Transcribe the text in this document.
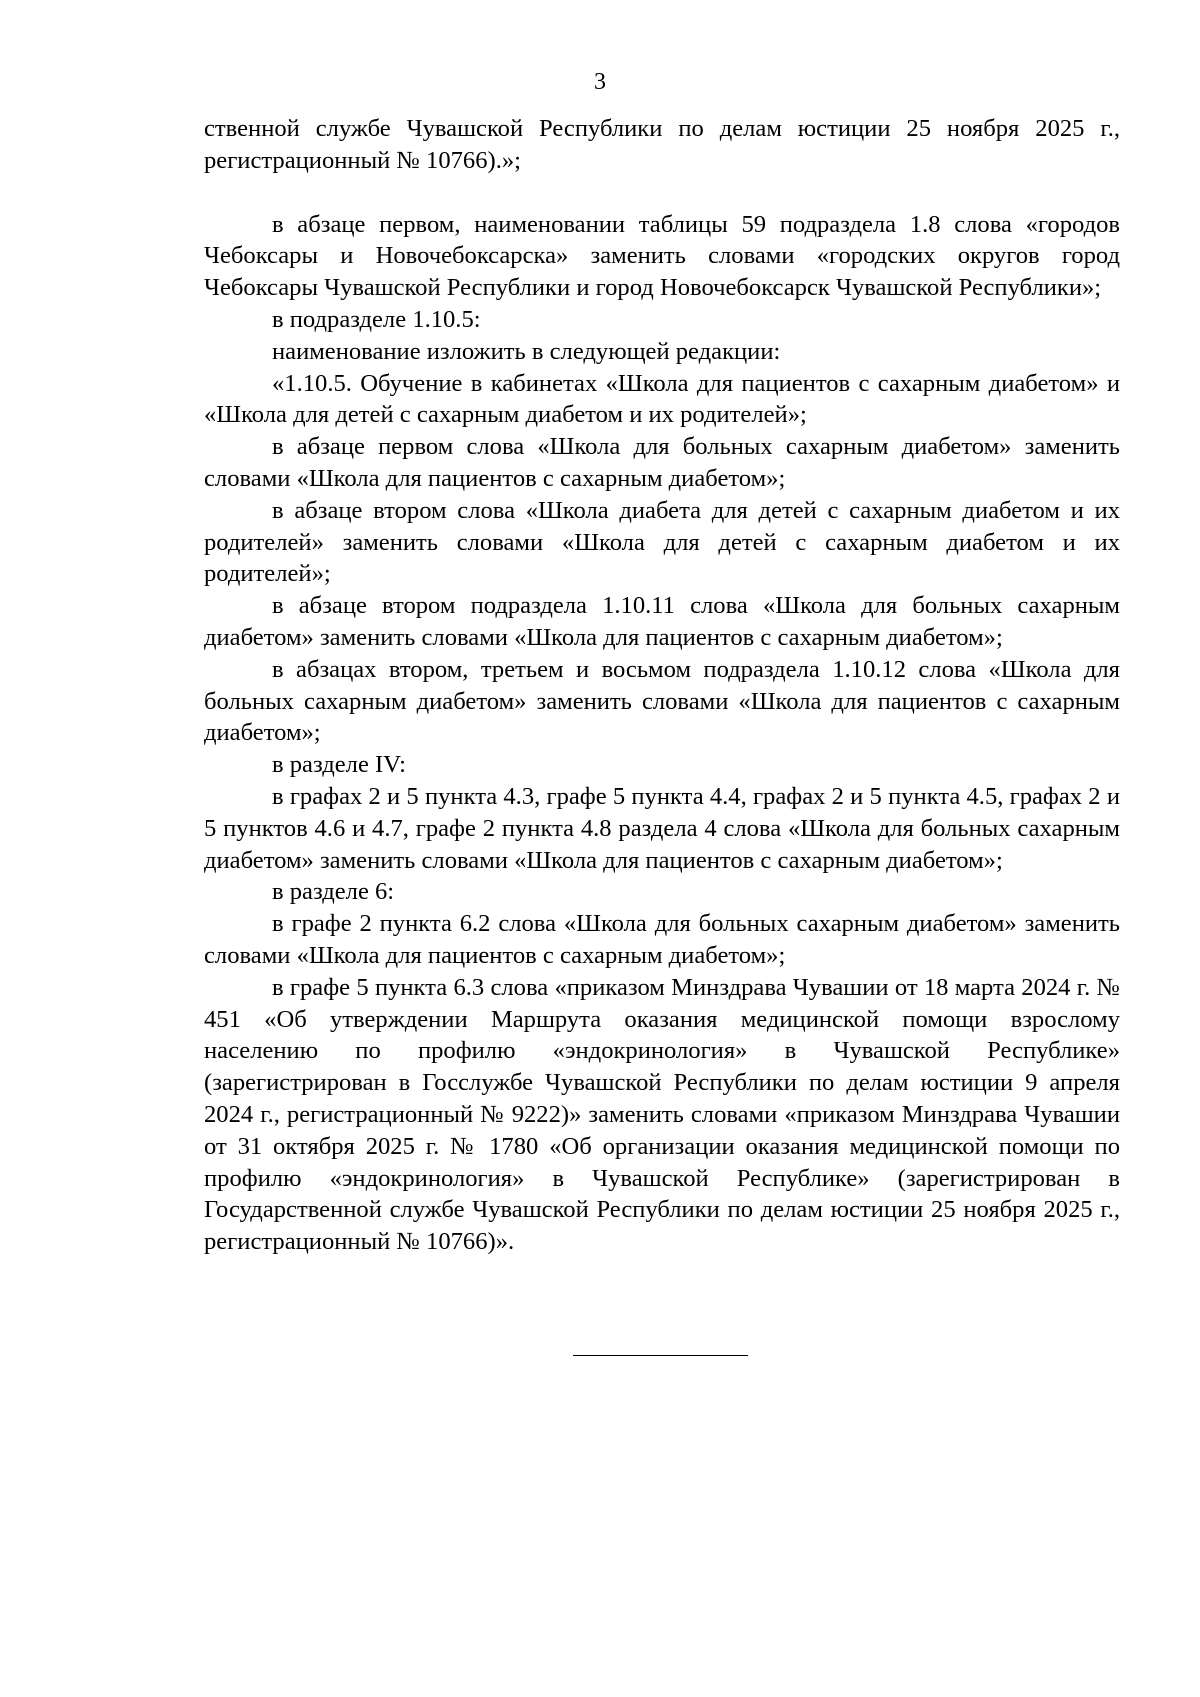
3

ственной службе Чувашской Республики по делам юстиции 25 ноября 2025 г., регистрационный № 10766).»;

в абзаце первом, наименовании таблицы 59 подраздела 1.8 слова «городов Чебоксары и Новочебоксарска» заменить словами «городских округов город Чебоксары Чувашской Республики и город Новочебоксарск Чувашской Республики»;

в подразделе 1.10.5:

наименование изложить в следующей редакции:

«1.10.5. Обучение в кабинетах «Школа для пациентов с сахарным диабетом» и «Школа для детей с сахарным диабетом и их родителей»;

в абзаце первом слова «Школа для больных сахарным диабетом» заменить словами «Школа для пациентов с сахарным диабетом»;

в абзаце втором слова «Школа диабета для детей с сахарным диабетом и их родителей» заменить словами «Школа для детей с сахарным диабетом и их родителей»;

в абзаце втором подраздела 1.10.11 слова «Школа для больных сахарным диабетом» заменить словами «Школа для пациентов с сахарным диабетом»;

в абзацах втором, третьем и восьмом подраздела 1.10.12 слова «Школа для больных сахарным диабетом» заменить словами «Школа для пациентов с сахарным диабетом»;

в разделе IV:

в графах 2 и 5 пункта 4.3, графе 5 пункта 4.4, графах 2 и 5 пункта 4.5, графах 2 и 5 пунктов 4.6 и 4.7, графе 2 пункта 4.8 раздела 4 слова «Школа для больных сахарным диабетом» заменить словами «Школа для пациентов с сахарным диабетом»;

в разделе 6:

в графе 2 пункта 6.2 слова «Школа для больных сахарным диабетом» заменить словами «Школа для пациентов с сахарным диабетом»;

в графе 5 пункта 6.3 слова «приказом Минздрава Чувашии от 18 марта 2024 г. № 451 «Об утверждении Маршрута оказания медицинской помощи взрослому населению по профилю «эндокринология» в Чувашской Республике» (зарегистрирован в Госслужбе Чувашской Республики по делам юстиции 9 апреля 2024 г., регистрационный № 9222)» заменить словами «приказом Минздрава Чувашии от 31 октября 2025 г. № 1780 «Об организации оказания медицинской помощи по профилю «эндокринология» в Чувашской Республике» (зарегистрирован в Государственной службе Чувашской Республики по делам юстиции 25 ноября 2025 г., регистрационный № 10766)».
